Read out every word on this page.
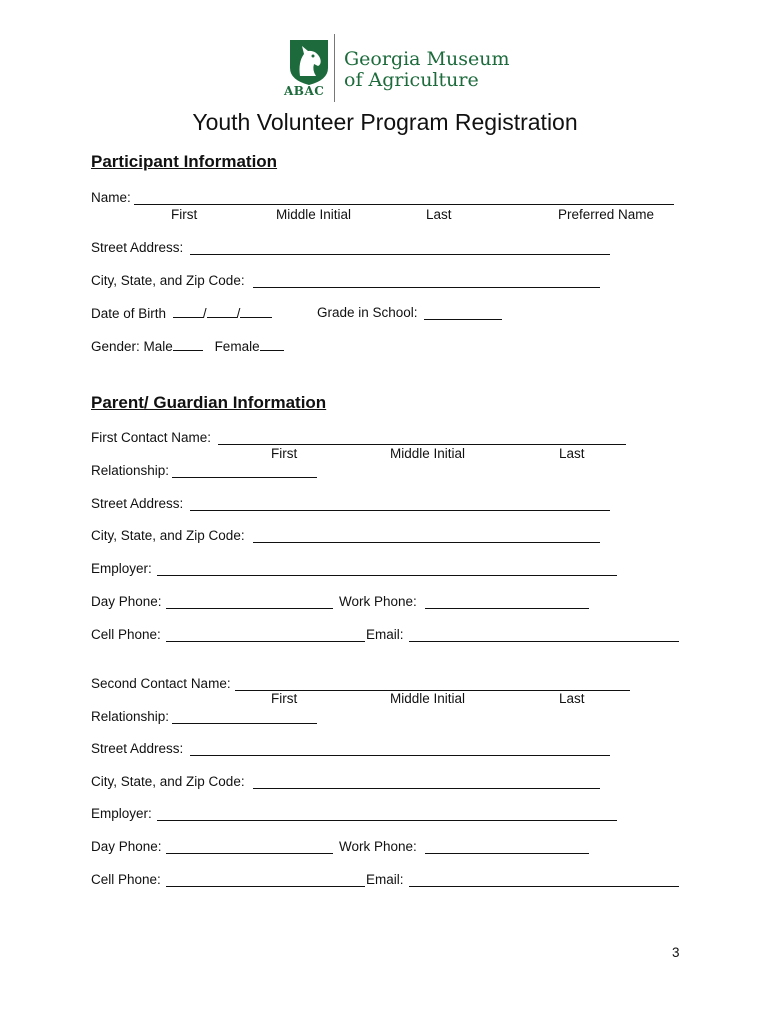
ABAC
Georgia Museum
of Agriculture
Youth Volunteer Program Registration
Participant Information
Name:
First	Middle Initial	Last	Preferred Name
Street Address:
City, State, and Zip Code:
Date of Birth	/ /	Grade in School:
Gender: Male	Female
Parent/ Guardian Information
First Contact Name:
First	Middle Initial	Last
Relationship:
Street Address:
City, State, and Zip Code:
Employer:
Day Phone:	Work Phone:
Cell Phone:	Email:
Second Contact Name:
First	Middle Initial	Last
Relationship:
Street Address:
City, State, and Zip Code:
Employer:
Day Phone:	Work Phone:
Cell Phone:	Email:
3
